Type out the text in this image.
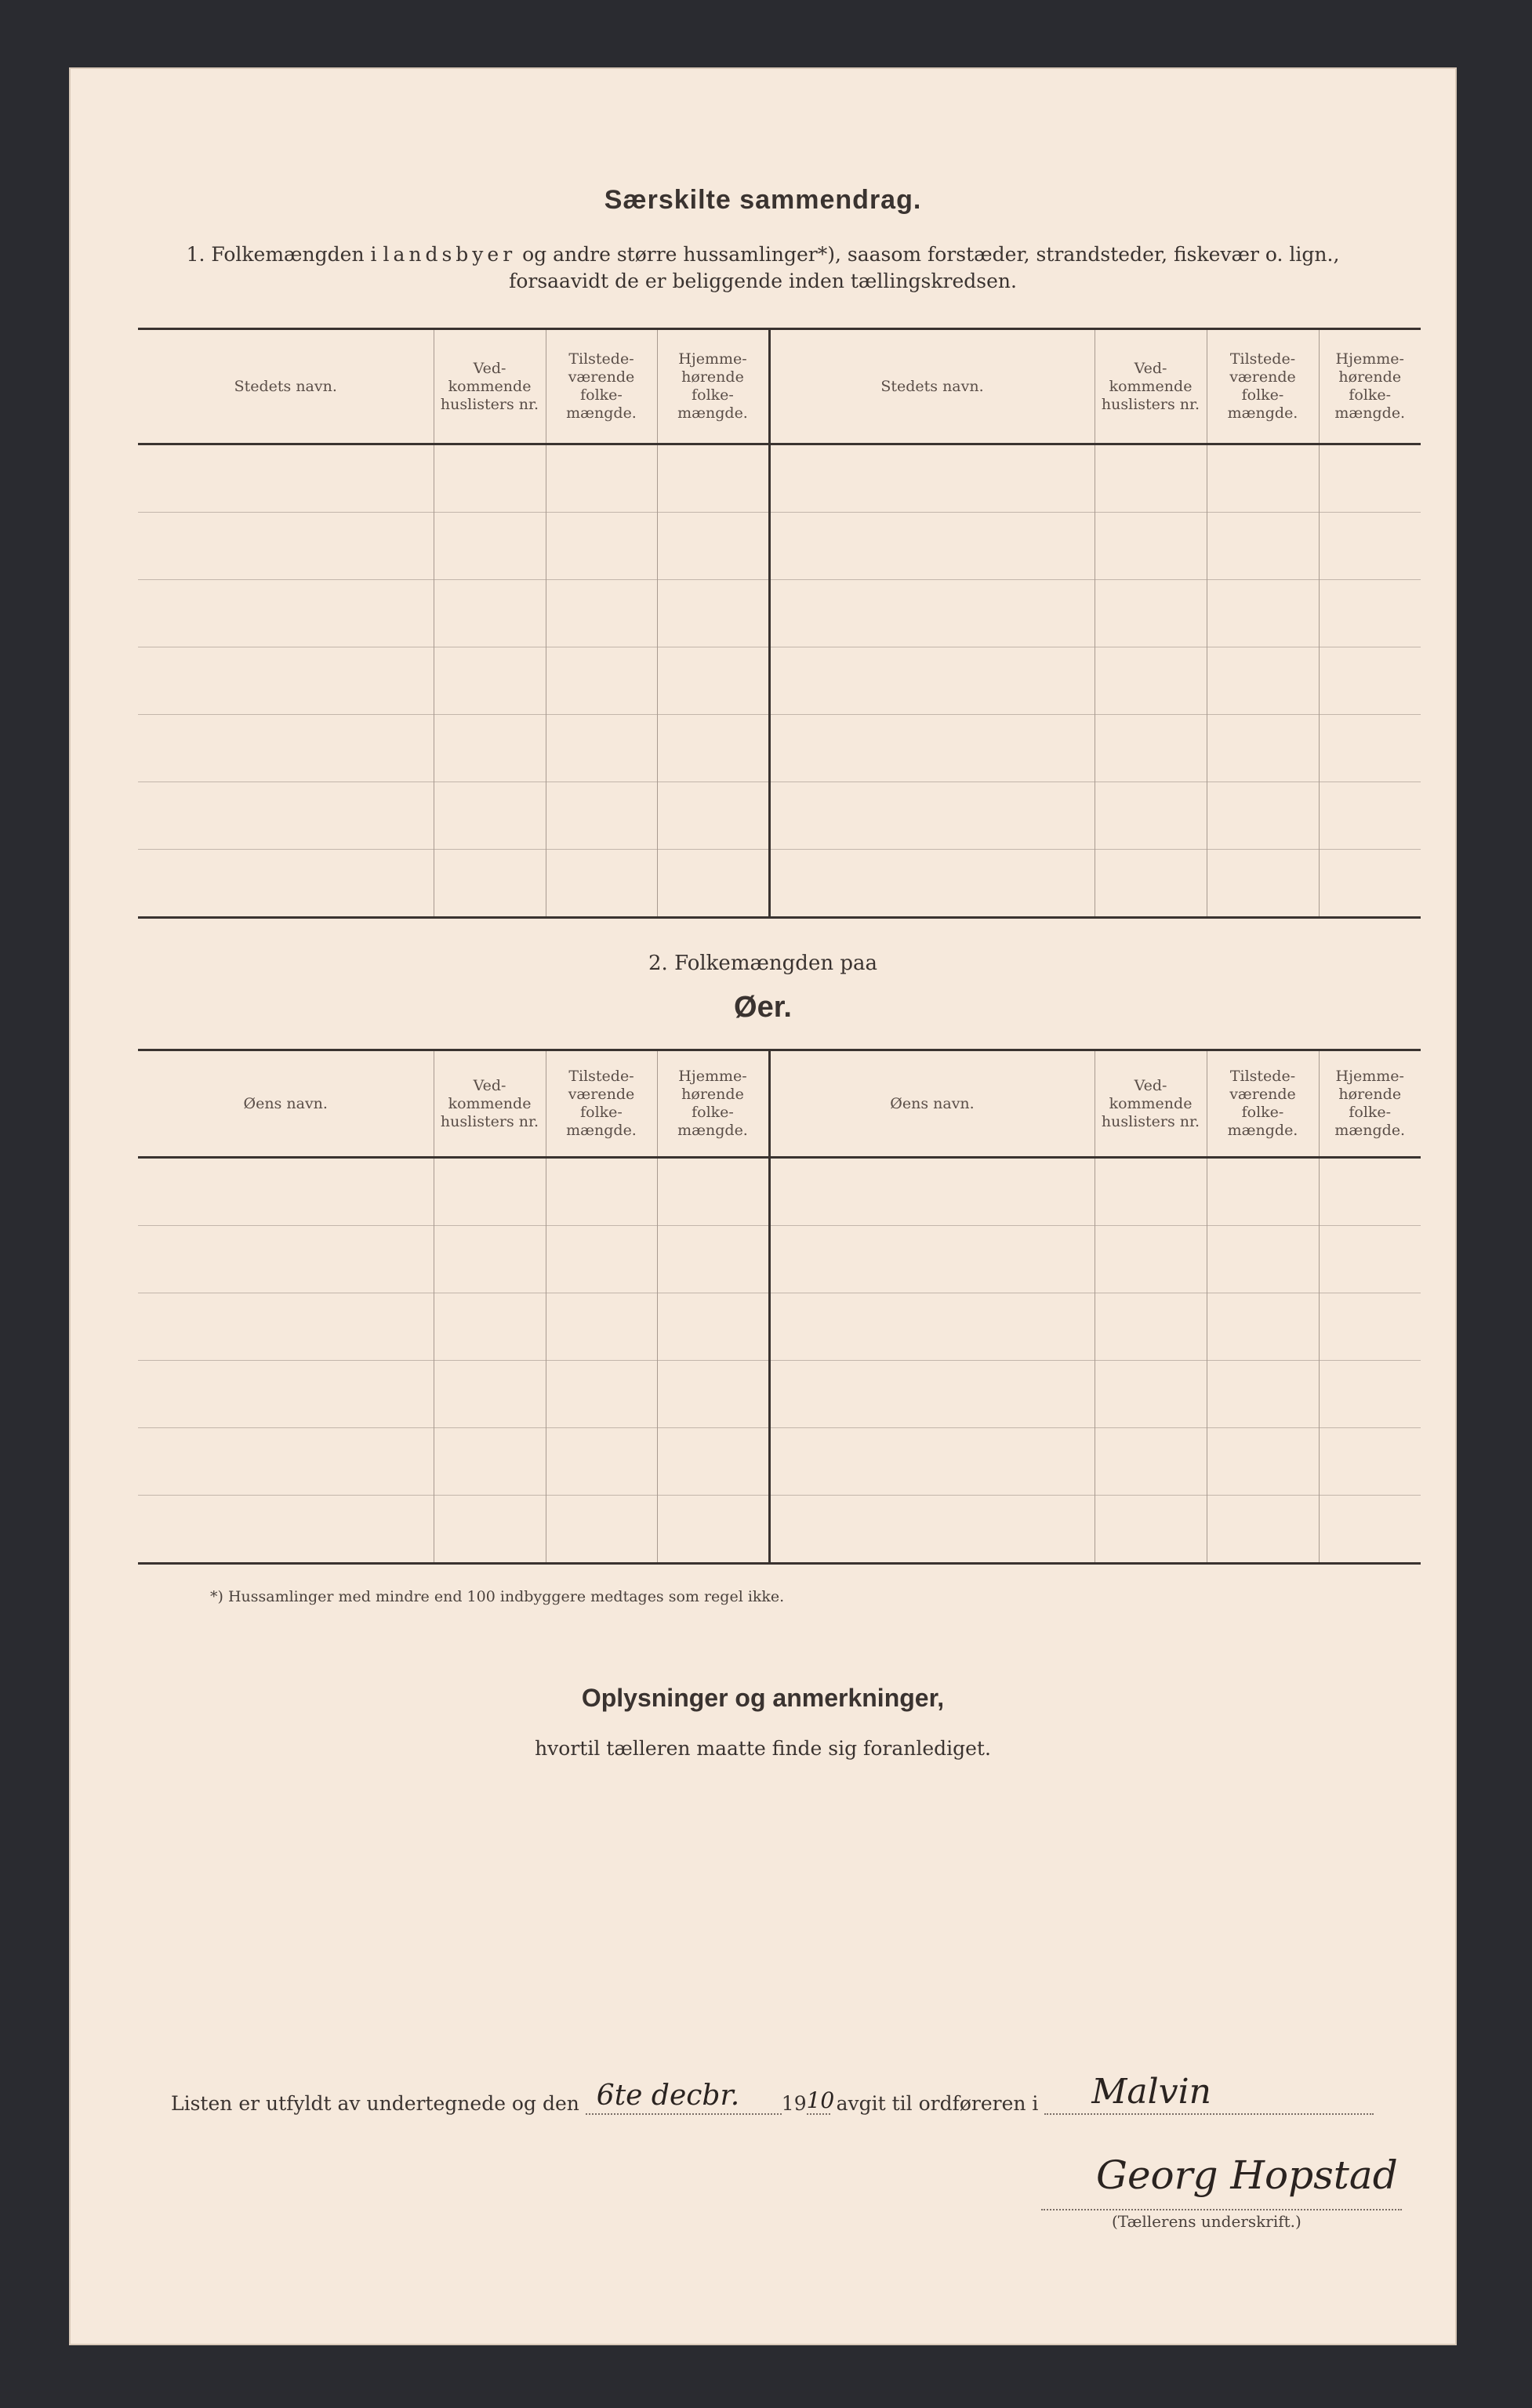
Særskilte sammendrag.
1. Folkemængden i landsbyer og andre større hussamlinger*), saasom forstæder, strandsteder, fiskevær o. lign.,
forsaavidt de er beliggende inden tællingskredsen.
Stedets navn.	Ved-kommende huslisters nr.	Tilstede-værende folke-mængde.	Hjemme-hørende folke-mængde.	Stedets navn.	Ved-kommende huslisters nr.	Tilstede-værende folke-mængde.	Hjemme-hørende folke-mængde.

2. Folkemængden paa
Øer.
Øens navn.	Ved-kommende huslisters nr.	Tilstede-værende folke-mængde.	Hjemme-hørende folke-mængde.	Øens navn.	Ved-kommende huslisters nr.	Tilstede-værende folke-mængde.	Hjemme-hørende folke-mængde.

*) Hussamlinger med mindre end 100 indbyggere medtages som regel ikke.
Oplysninger og anmerkninger,
hvortil tælleren maatte finde sig foranlediget.
Listen er utfyldt av undertegnede og den 6te decbr. 19 10 avgit til ordføreren i Malvin
Georg Hopstad
(Tællerens underskrift.)
